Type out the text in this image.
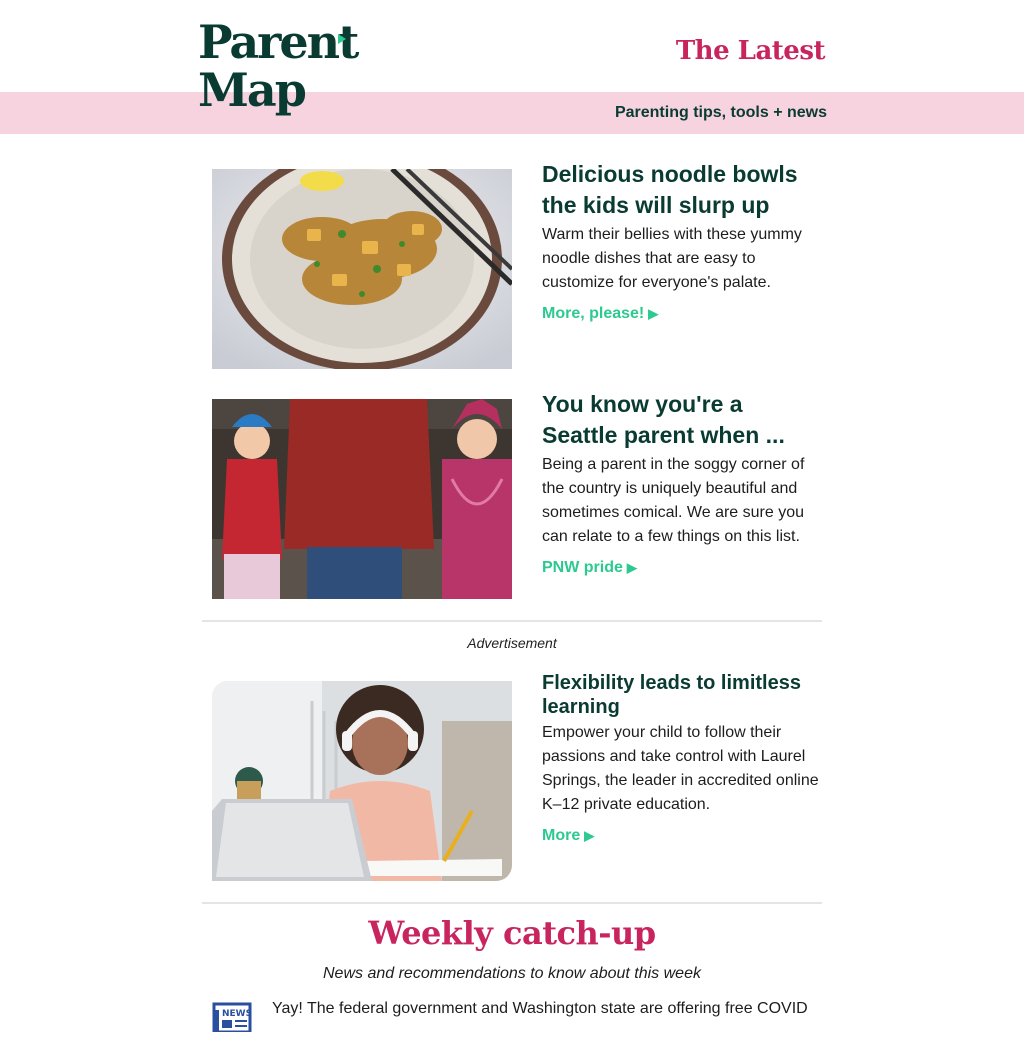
Parent
Map
The Latest
Parenting tips, tools + news
Delicious noodle bowls the kids will slurp up

Warm their bellies with these yummy noodle dishes that are easy to customize for everyone's palate.

More, please! ▶
You know you're a Seattle parent when ...

Being a parent in the soggy corner of the country is uniquely beautiful and sometimes comical. We are sure you can relate to a few things on this list.

PNW pride ▶
Advertisement
Flexibility leads to limitless learning

Empower your child to follow their passions and take control with Laurel Springs, the leader in accredited online K–12 private education.

More ▶
Weekly catch-up
News and recommendations to know about this week
NEWS Yay! The federal government and Washington state are offering free COVID
